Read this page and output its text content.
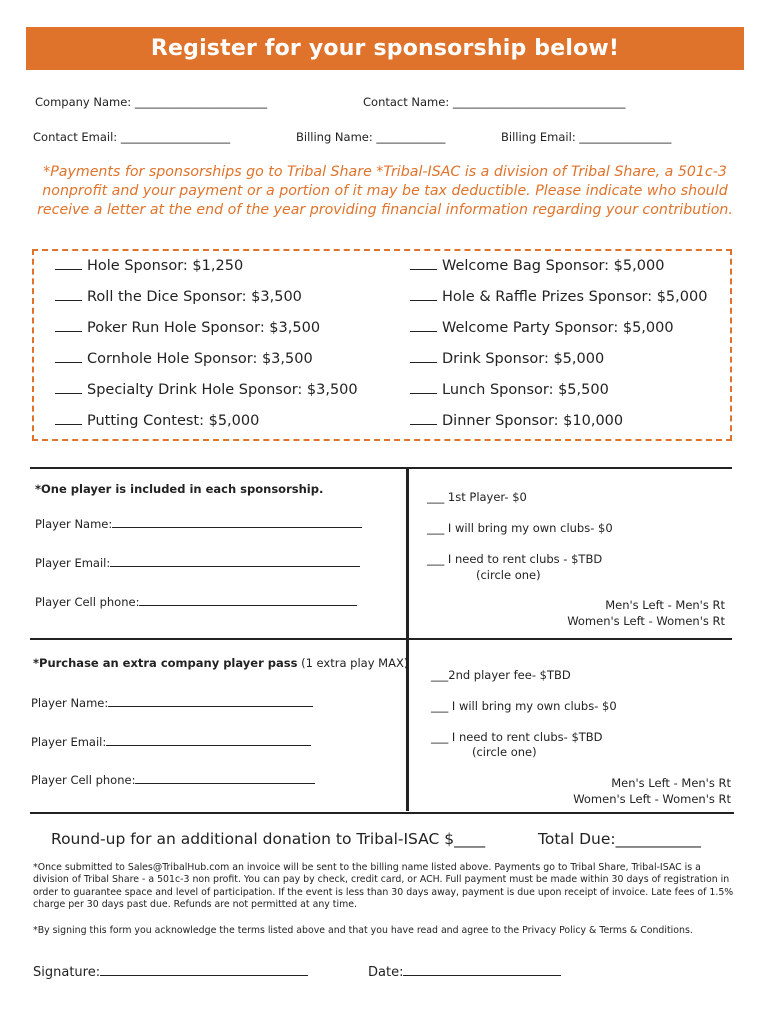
Register for your sponsorship below!
Company Name: _______________________	Contact Name: ______________________________
Contact Email: ___________________	Billing Name: ____________	Billing Email: ________________
*Payments for sponsorships go to Tribal Share *Tribal-ISAC is a division of Tribal Share, a 501c-3 nonprofit and your payment or a portion of it may be tax deductible. Please indicate who should receive a letter at the end of the year providing financial information regarding your contribution.
Hole Sponsor: $1,250
Roll the Dice Sponsor: $3,500
Poker Run Hole Sponsor: $3,500
Cornhole Hole Sponsor: $3,500
Specialty Drink Hole Sponsor: $3,500
Putting Contest: $5,000
Welcome Bag Sponsor: $5,000
Hole & Raffle Prizes Sponsor: $5,000
Welcome Party Sponsor: $5,000
Drink Sponsor: $5,000
Lunch Sponsor: $5,500
Dinner Sponsor: $10,000
*One player is included in each sponsorship.
Player Name:
Player Email:
Player Cell phone:
___ 1st Player- $0
___ I will bring my own clubs- $0
___ I need to rent clubs - $TBD
(circle one)
Men's Left - Men's Rt
Women's Left - Women's Rt
*Purchase an extra company player pass (1 extra play MAX)
Player Name:
Player Email:
Player Cell phone:
___2nd player fee- $TBD
___ I will bring my own clubs- $0
___ I need to rent clubs- $TBD
(circle one)
Men's Left - Men's Rt
Women's Left - Women's Rt
Round-up for an additional donation to Tribal-ISAC $____	Total Due:___________
*Once submitted to Sales@TribalHub.com an invoice will be sent to the billing name listed above. Payments go to Tribal Share, Tribal-ISAC is a division of Tribal Share - a 501c-3 non profit. You can pay by check, credit card, or ACH. Full payment must be made within 30 days of registration in order to guarantee space and level of participation. If the event is less than 30 days away, payment is due upon receipt of invoice. Late fees of 1.5% charge per 30 days past due. Refunds are not permitted at any time.
*By signing this form you acknowledge the terms listed above and that you have read and agree to the Privacy Policy & Terms & Conditions.
Signature:	Date:
